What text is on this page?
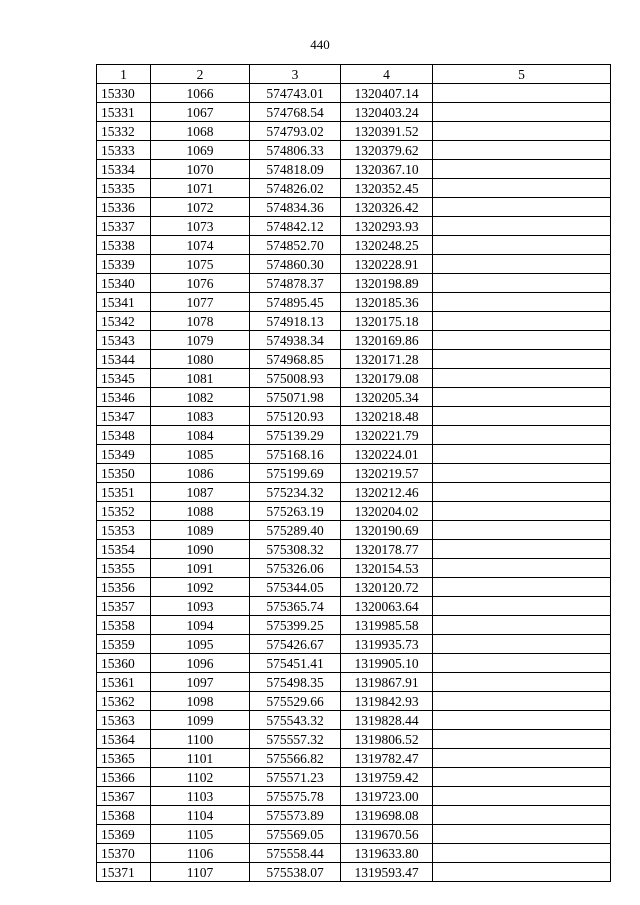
440
1	2	3	4	5
15330	1066	574743.01	1320407.14	
15331	1067	574768.54	1320403.24	
15332	1068	574793.02	1320391.52	
15333	1069	574806.33	1320379.62	
15334	1070	574818.09	1320367.10	
15335	1071	574826.02	1320352.45	
15336	1072	574834.36	1320326.42	
15337	1073	574842.12	1320293.93	
15338	1074	574852.70	1320248.25	
15339	1075	574860.30	1320228.91	
15340	1076	574878.37	1320198.89	
15341	1077	574895.45	1320185.36	
15342	1078	574918.13	1320175.18	
15343	1079	574938.34	1320169.86	
15344	1080	574968.85	1320171.28	
15345	1081	575008.93	1320179.08	
15346	1082	575071.98	1320205.34	
15347	1083	575120.93	1320218.48	
15348	1084	575139.29	1320221.79	
15349	1085	575168.16	1320224.01	
15350	1086	575199.69	1320219.57	
15351	1087	575234.32	1320212.46	
15352	1088	575263.19	1320204.02	
15353	1089	575289.40	1320190.69	
15354	1090	575308.32	1320178.77	
15355	1091	575326.06	1320154.53	
15356	1092	575344.05	1320120.72	
15357	1093	575365.74	1320063.64	
15358	1094	575399.25	1319985.58	
15359	1095	575426.67	1319935.73	
15360	1096	575451.41	1319905.10	
15361	1097	575498.35	1319867.91	
15362	1098	575529.66	1319842.93	
15363	1099	575543.32	1319828.44	
15364	1100	575557.32	1319806.52	
15365	1101	575566.82	1319782.47	
15366	1102	575571.23	1319759.42	
15367	1103	575575.78	1319723.00	
15368	1104	575573.89	1319698.08	
15369	1105	575569.05	1319670.56	
15370	1106	575558.44	1319633.80	
15371	1107	575538.07	1319593.47	
